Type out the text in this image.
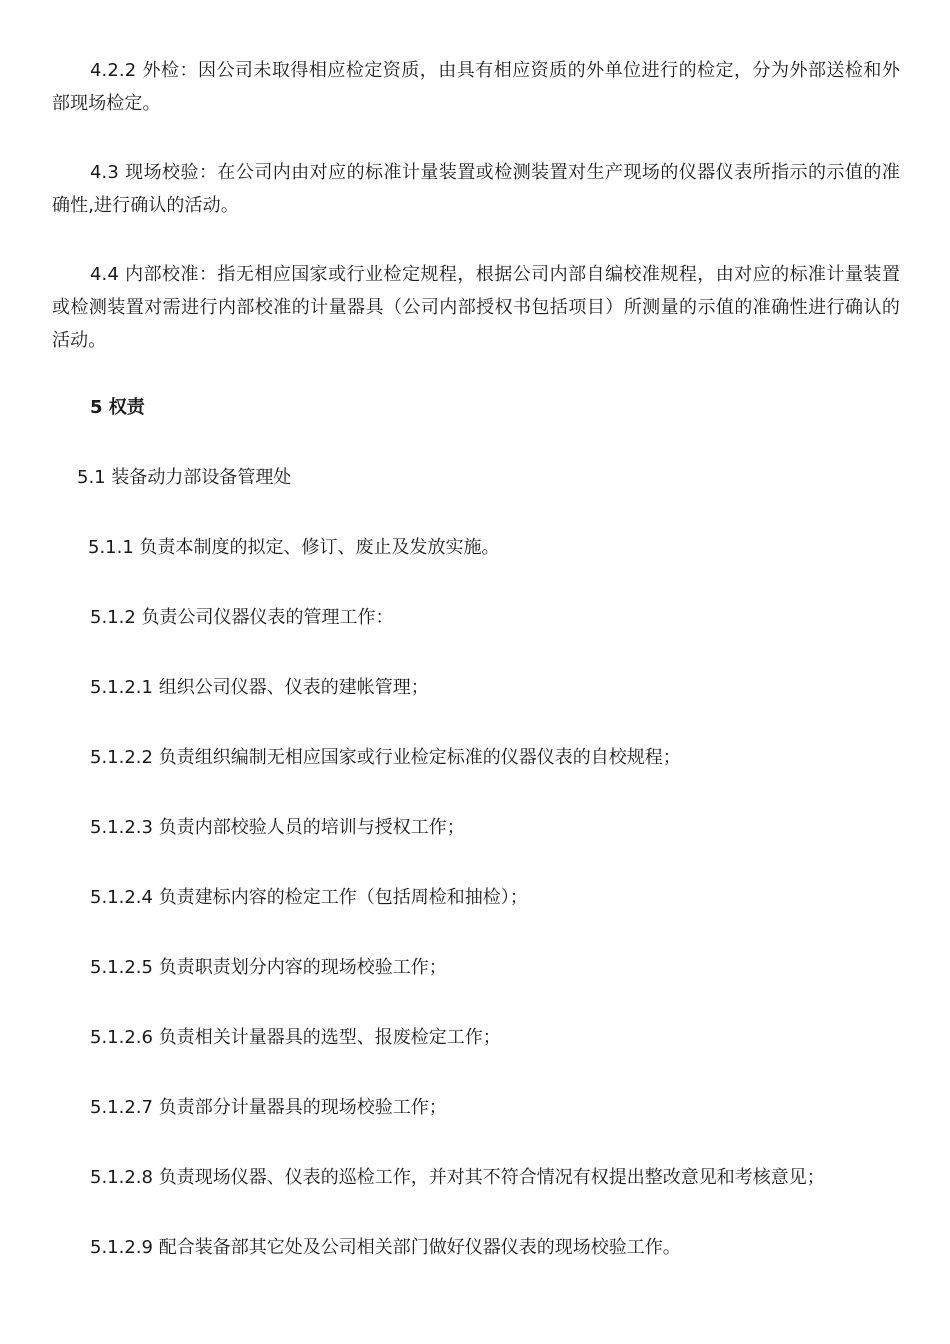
4.2.2 外检：因公司未取得相应检定资质，由具有相应资质的外单位进行的检定，分为外部送检和外部现场检定。

4.3 现场校验：在公司内由对应的标准计量装置或检测装置对生产现场的仪器仪表所指示的示值的准确性,进行确认的活动。

4.4 内部校准：指无相应国家或行业检定规程，根据公司内部自编校准规程，由对应的标准计量装置或检测装置对需进行内部校准的计量器具（公司内部授权书包括项目）所测量的示值的准确性进行确认的活动。

5 权责

5.1 装备动力部设备管理处

5.1.1 负责本制度的拟定、修订、废止及发放实施。

5.1.2 负责公司仪器仪表的管理工作：

5.1.2.1 组织公司仪器、仪表的建帐管理；

5.1.2.2 负责组织编制无相应国家或行业检定标准的仪器仪表的自校规程；

5.1.2.3 负责内部校验人员的培训与授权工作；

5.1.2.4 负责建标内容的检定工作（包括周检和抽检）；

5.1.2.5 负责职责划分内容的现场校验工作；

5.1.2.6 负责相关计量器具的选型、报废检定工作；

5.1.2.7 负责部分计量器具的现场校验工作；

5.1.2.8 负责现场仪器、仪表的巡检工作，并对其不符合情况有权提出整改意见和考核意见；

5.1.2.9 配合装备部其它处及公司相关部门做好仪器仪表的现场校验工作。
